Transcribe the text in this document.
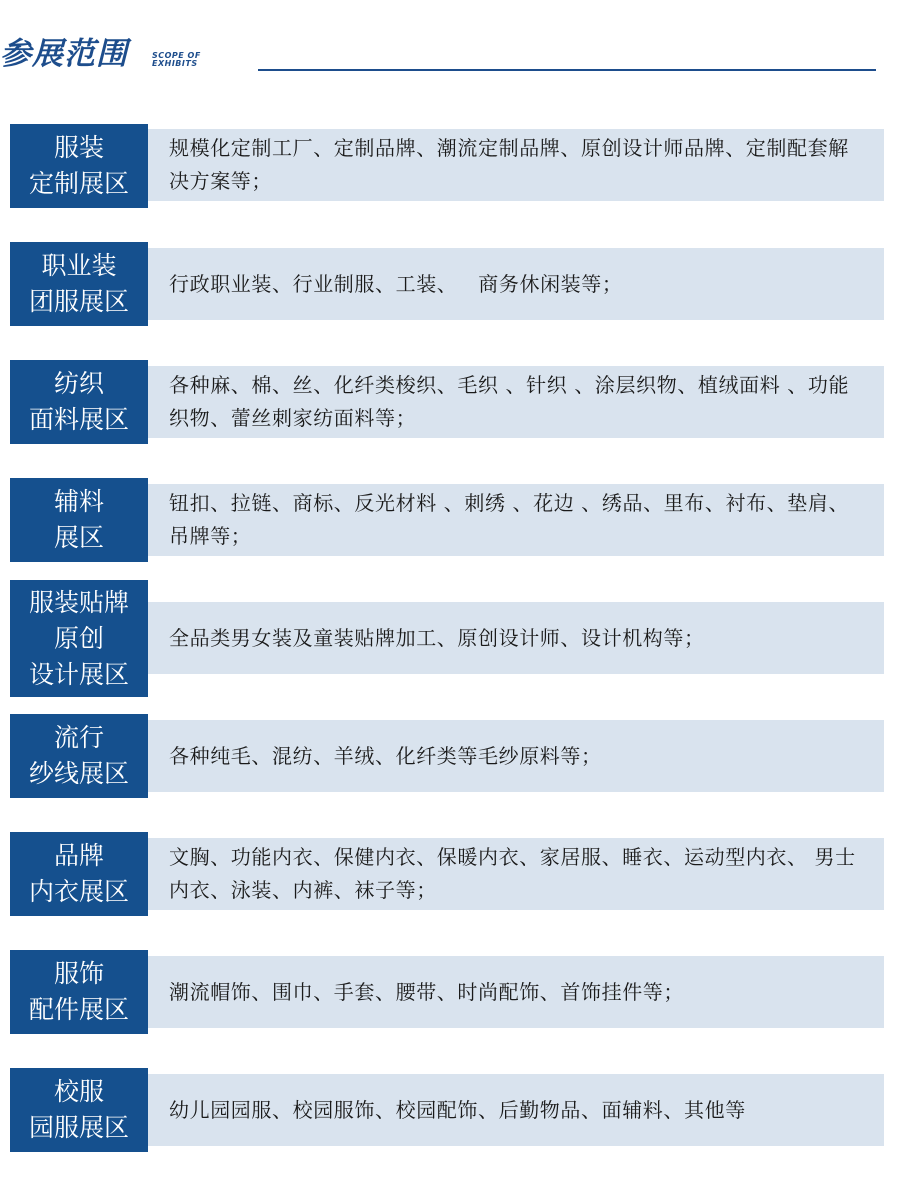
参展范围	SCOPE OF
EXHIBITS
服装
定制展区
规模化定制工厂、定制品牌、潮流定制品牌、原创设计师品牌、定制配套解决方案等；
职业装
团服展区
行政职业装、行业制服、工装、   商务休闲装等；
纺织
面料展区
各种麻、棉、丝、化纤类梭织、毛织 、针织 、涂层织物、植绒面料 、功能织物、蕾丝刺家纺面料等；
辅料
展区
钮扣、拉链、商标、反光材料 、刺绣 、花边 、绣品、里布、衬布、垫肩、 吊牌等；
服装贴牌
原创
设计展区
全品类男女装及童装贴牌加工、原创设计师、设计机构等；
流行
纱线展区
各种纯毛、混纺、羊绒、化纤类等毛纱原料等；
品牌
内衣展区
文胸、功能内衣、保健内衣、保暖内衣、家居服、睡衣、运动型内衣、 男士内衣、泳装、内裤、袜子等；
服饰
配件展区
潮流帽饰、围巾、手套、腰带、时尚配饰、首饰挂件等；
校服
园服展区
幼儿园园服、校园服饰、校园配饰、后勤物品、面辅料、其他等
